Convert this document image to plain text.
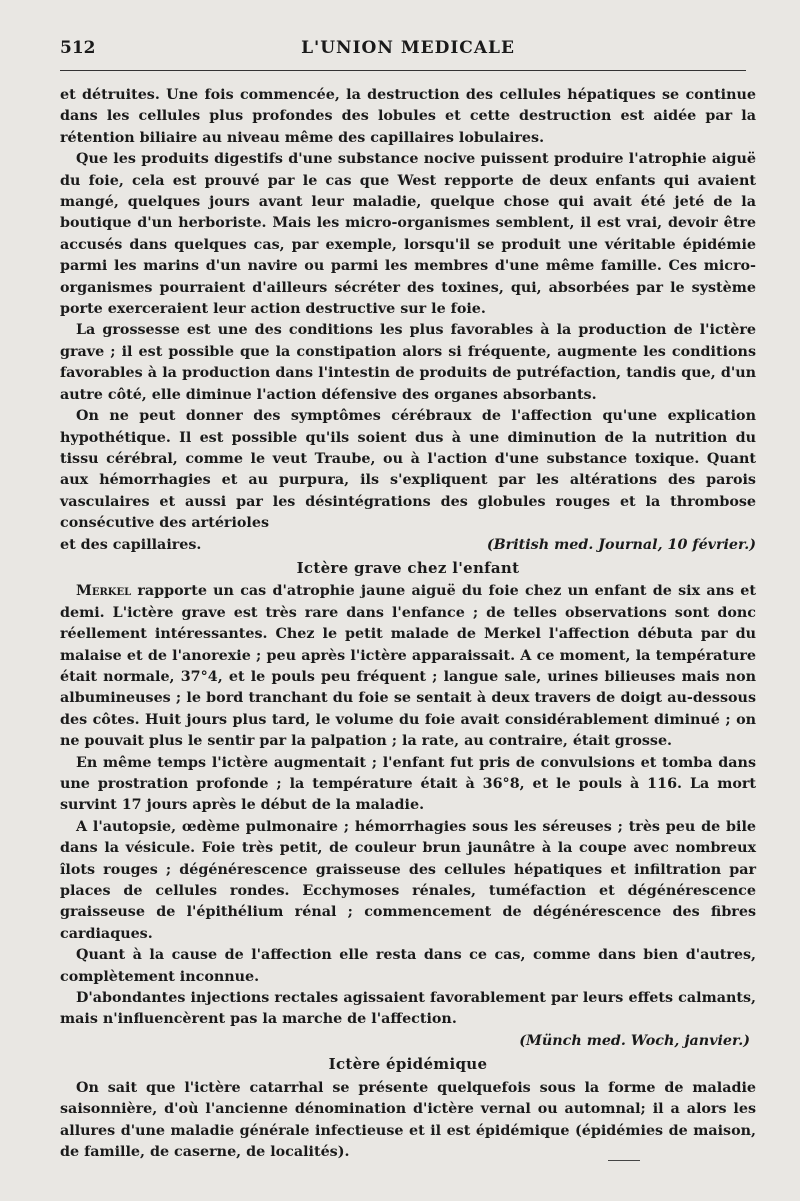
512	L'UNION MEDICALE

et détruites. Une fois commencée, la destruction des cellules hépatiques se continue dans les cellules plus profondes des lobules et cette destruction est aidée par la rétention biliaire au niveau même des capillaires lobulaires.

Que les produits digestifs d'une substance nocive puissent produire l'atrophie aiguë du foie, cela est prouvé par le cas que West repporte de deux enfants qui avaient mangé, quelques jours avant leur maladie, quelque chose qui avait été jeté de la boutique d'un herboriste. Mais les micro-organismes semblent, il est vrai, devoir être accusés dans quelques cas, par exemple, lorsqu'il se produit une véritable épidémie parmi les marins d'un navire ou parmi les membres d'une même famille. Ces micro-organismes pourraient d'ailleurs sécréter des toxines, qui, absorbées par le système porte exerceraient leur action destructive sur le foie.

La grossesse est une des conditions les plus favorables à la production de l'ictère grave ; il est possible que la constipation alors si fréquente, augmente les conditions favorables à la production dans l'intestin de produits de putréfaction, tandis que, d'un autre côté, elle diminue l'action défensive des organes absorbants.

On ne peut donner des symptômes cérébraux de l'affection qu'une explication hypothétique. Il est possible qu'ils soient dus à une diminution de la nutrition du tissu cérébral, comme le veut Traube, ou à l'action d'une substance toxique. Quant aux hémorrhagies et au purpura, ils s'expliquent par les altérations des parois vasculaires et aussi par les désintégrations des globules rouges et la thrombose consécutive des artérioles

et des capillaires.	(British med. Journal, 10 février.)
Ictère grave chez l'enfant

Merkel rapporte un cas d'atrophie jaune aiguë du foie chez un enfant de six ans et demi. L'ictère grave est très rare dans l'enfance ; de telles observations sont donc réellement intéressantes. Chez le petit malade de Merkel l'affection débuta par du malaise et de l'anorexie ; peu après l'ictère apparaissait. A ce moment, la température était normale, 37°4, et le pouls peu fréquent ; langue sale, urines bilieuses mais non albumineuses ; le bord tranchant du foie se sentait à deux travers de doigt au-dessous des côtes. Huit jours plus tard, le volume du foie avait considérablement diminué ; on ne pouvait plus le sentir par la palpation ; la rate, au contraire, était grosse.

En même temps l'ictère augmentait ; l'enfant fut pris de convulsions et tomba dans une prostration profonde ; la température était à 36°8, et le pouls à 116. La mort survint 17 jours après le début de la maladie.

A l'autopsie, œdème pulmonaire ; hémorrhagies sous les séreuses ; très peu de bile dans la vésicule. Foie très petit, de couleur brun jaunâtre à la coupe avec nombreux îlots rouges ; dégénérescence graisseuse des cellules hépatiques et infiltration par places de cellules rondes. Ecchymoses rénales, tuméfaction et dégénérescence graisseuse de l'épithélium rénal ; commencement de dégénérescence des fibres cardiaques.

Quant à la cause de l'affection elle resta dans ce cas, comme dans bien d'autres, complètement inconnue.

D'abondantes injections rectales agissaient favorablement par leurs effets calmants, mais n'influencèrent pas la marche de l'affection.

(Münch med. Woch, janvier.)
Ictère épidémique

On sait que l'ictère catarrhal se présente quelquefois sous la forme de maladie saisonnière, d'où l'ancienne dénomination d'ictère vernal ou automnal; il a alors les allures d'une maladie générale infectieuse et il est épidémique (épidémies de maison, de famille, de caserne, de localités).
